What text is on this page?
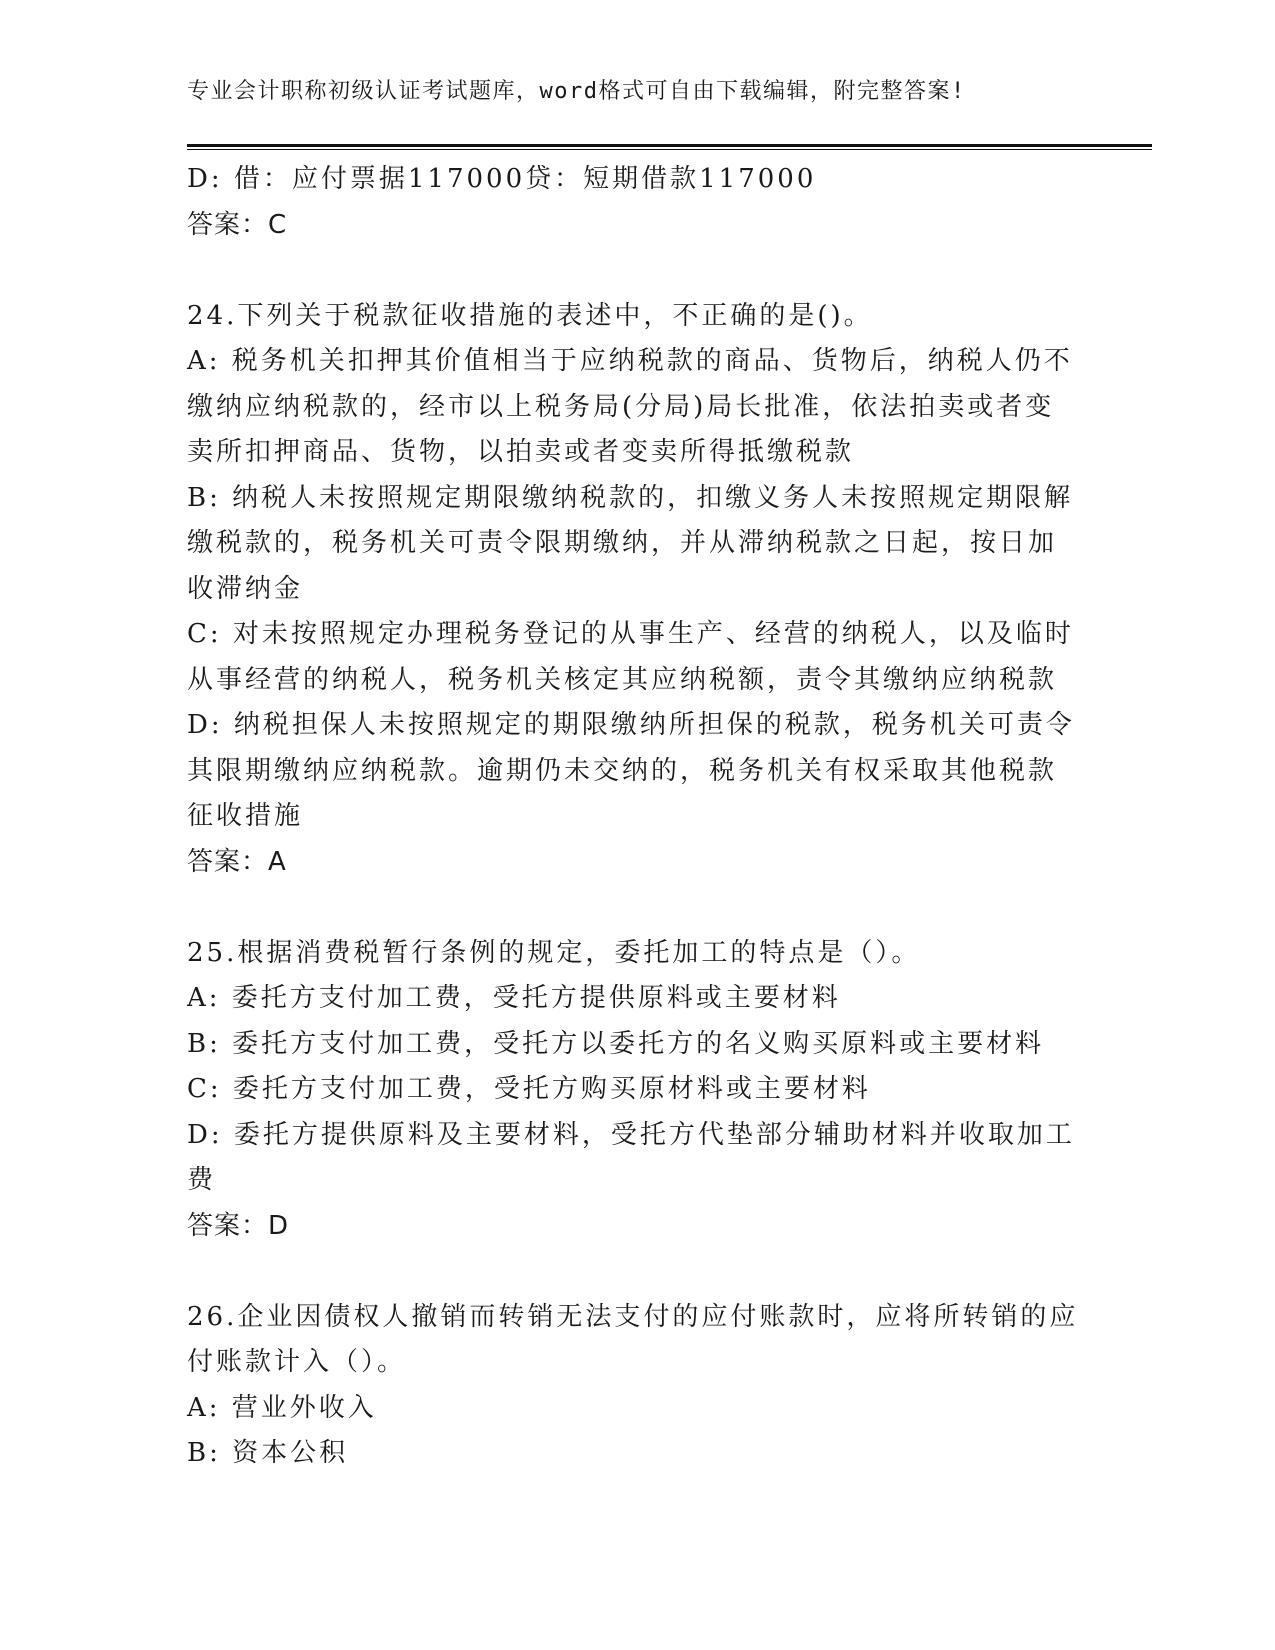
专业会计职称初级认证考试题库，word格式可自由下载编辑，附完整答案!
D: 借：应付票据117000贷：短期借款117000
答案：C
24.下列关于税款征收措施的表述中，不正确的是()。
A: 税务机关扣押其价值相当于应纳税款的商品、货物后，纳税人仍不
缴纳应纳税款的，经市以上税务局(分局)局长批准，依法拍卖或者变
卖所扣押商品、货物，以拍卖或者变卖所得抵缴税款
B: 纳税人未按照规定期限缴纳税款的，扣缴义务人未按照规定期限解
缴税款的，税务机关可责令限期缴纳，并从滞纳税款之日起，按日加
收滞纳金
C: 对未按照规定办理税务登记的从事生产、经营的纳税人，以及临时
从事经营的纳税人，税务机关核定其应纳税额，责令其缴纳应纳税款
D: 纳税担保人未按照规定的期限缴纳所担保的税款，税务机关可责令
其限期缴纳应纳税款。逾期仍未交纳的，税务机关有权采取其他税款
征收措施
答案：A
25.根据消费税暂行条例的规定，委托加工的特点是（）。
A: 委托方支付加工费，受托方提供原料或主要材料
B: 委托方支付加工费，受托方以委托方的名义购买原料或主要材料
C: 委托方支付加工费，受托方购买原材料或主要材料
D: 委托方提供原料及主要材料，受托方代垫部分辅助材料并收取加工
费
答案：D
26.企业因债权人撤销而转销无法支付的应付账款时，应将所转销的应
付账款计入（）。
A: 营业外收入
B: 资本公积
